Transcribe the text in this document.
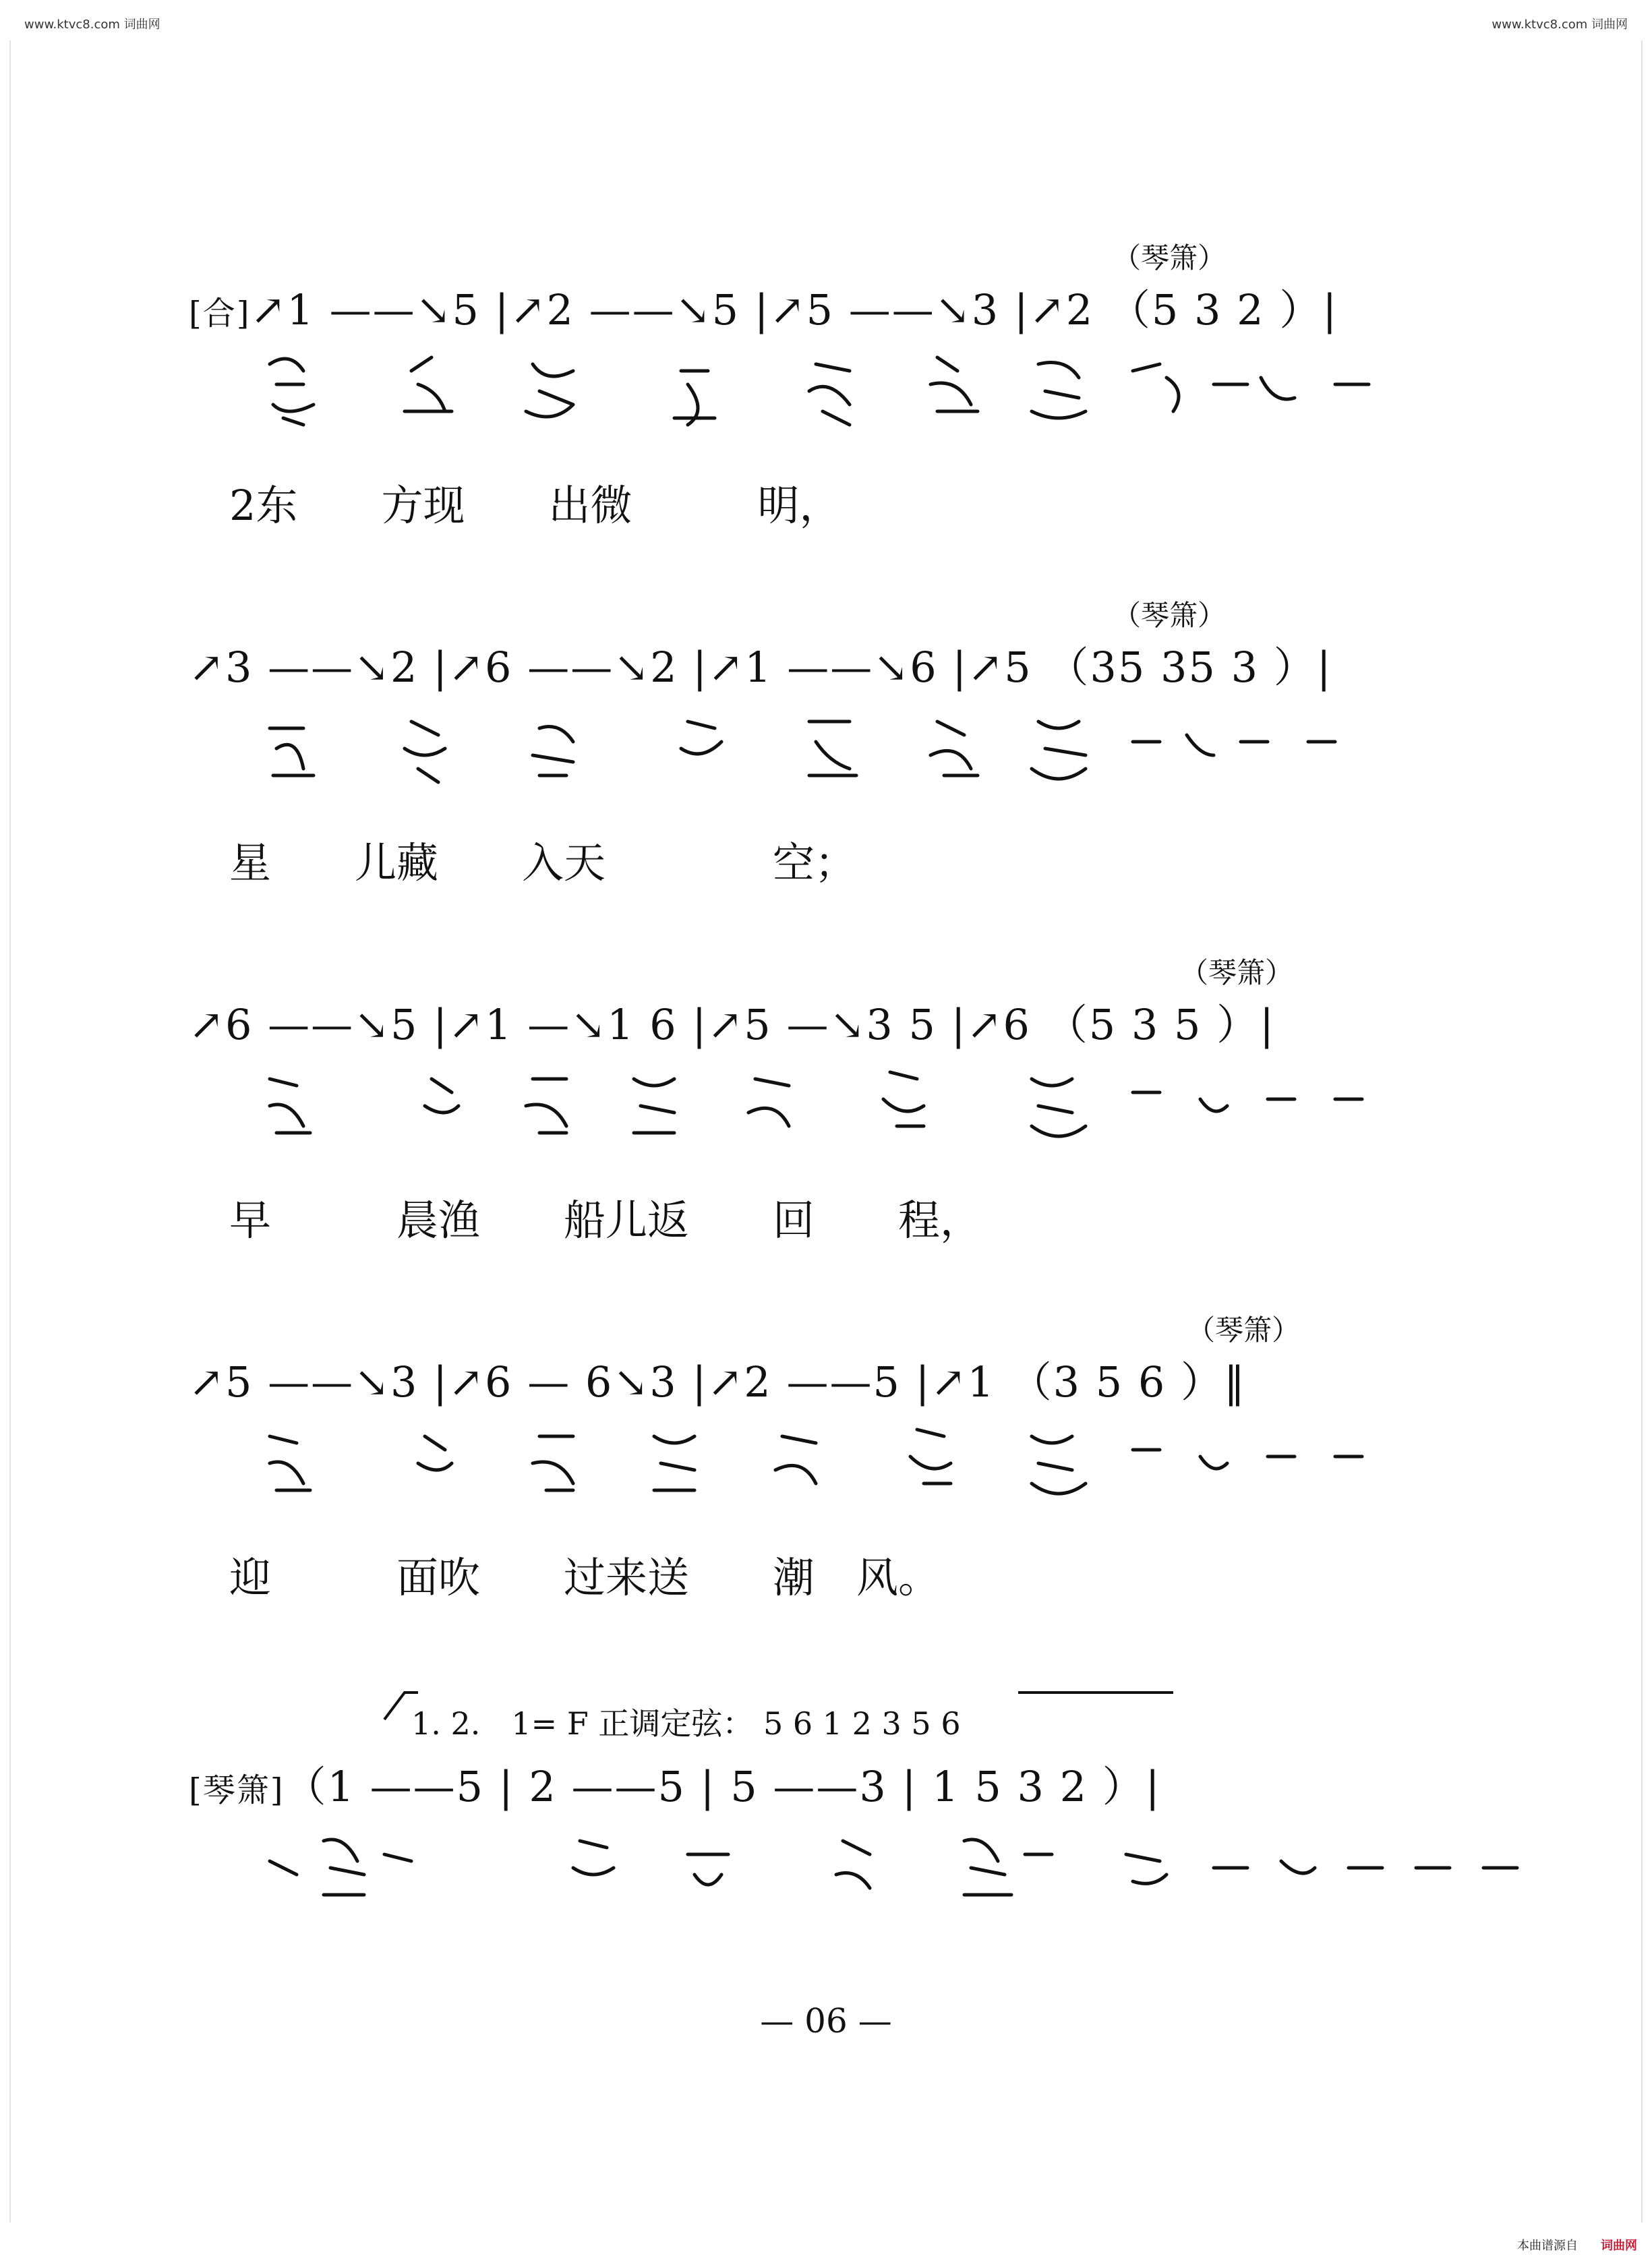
www.ktvc8.com 词曲网	www.ktvc8.com 词曲网
（琴箫）
[合]↗1 ——↘5 |↗2 ——↘5 |↗5 ——↘3 |↗2 （5 3 2 ）|
2东　　方现　　出微　　　明，
（琴箫）
↗3 ——↘2 |↗6 ——↘2 |↗1 ——↘6 |↗5 （35 35 3 ）|
星　　儿藏　　入天　　　　空；
（琴箫）
↗6 ——↘5 |↗1 —↘1 6 |↗5 —↘3 5 |↗6 （5 3 5 ）|
早　　　晨渔　　船儿返　　回　　程，
（琴箫）
↗5 ——↘3 |↗6 — 6↘3 |↗2 ——5 |↗1 （3 5 6 ）‖
迎　　　面吹　　过来送　　潮　风。
1. 2.　1= F 正调定弦： 5 6 1 2 3 5 6
[琴箫]（1 ——5 | 2 ——5 | 5 ——3 | 1 5 3 2 ）|
— 06 —
本曲谱源自 词曲网
